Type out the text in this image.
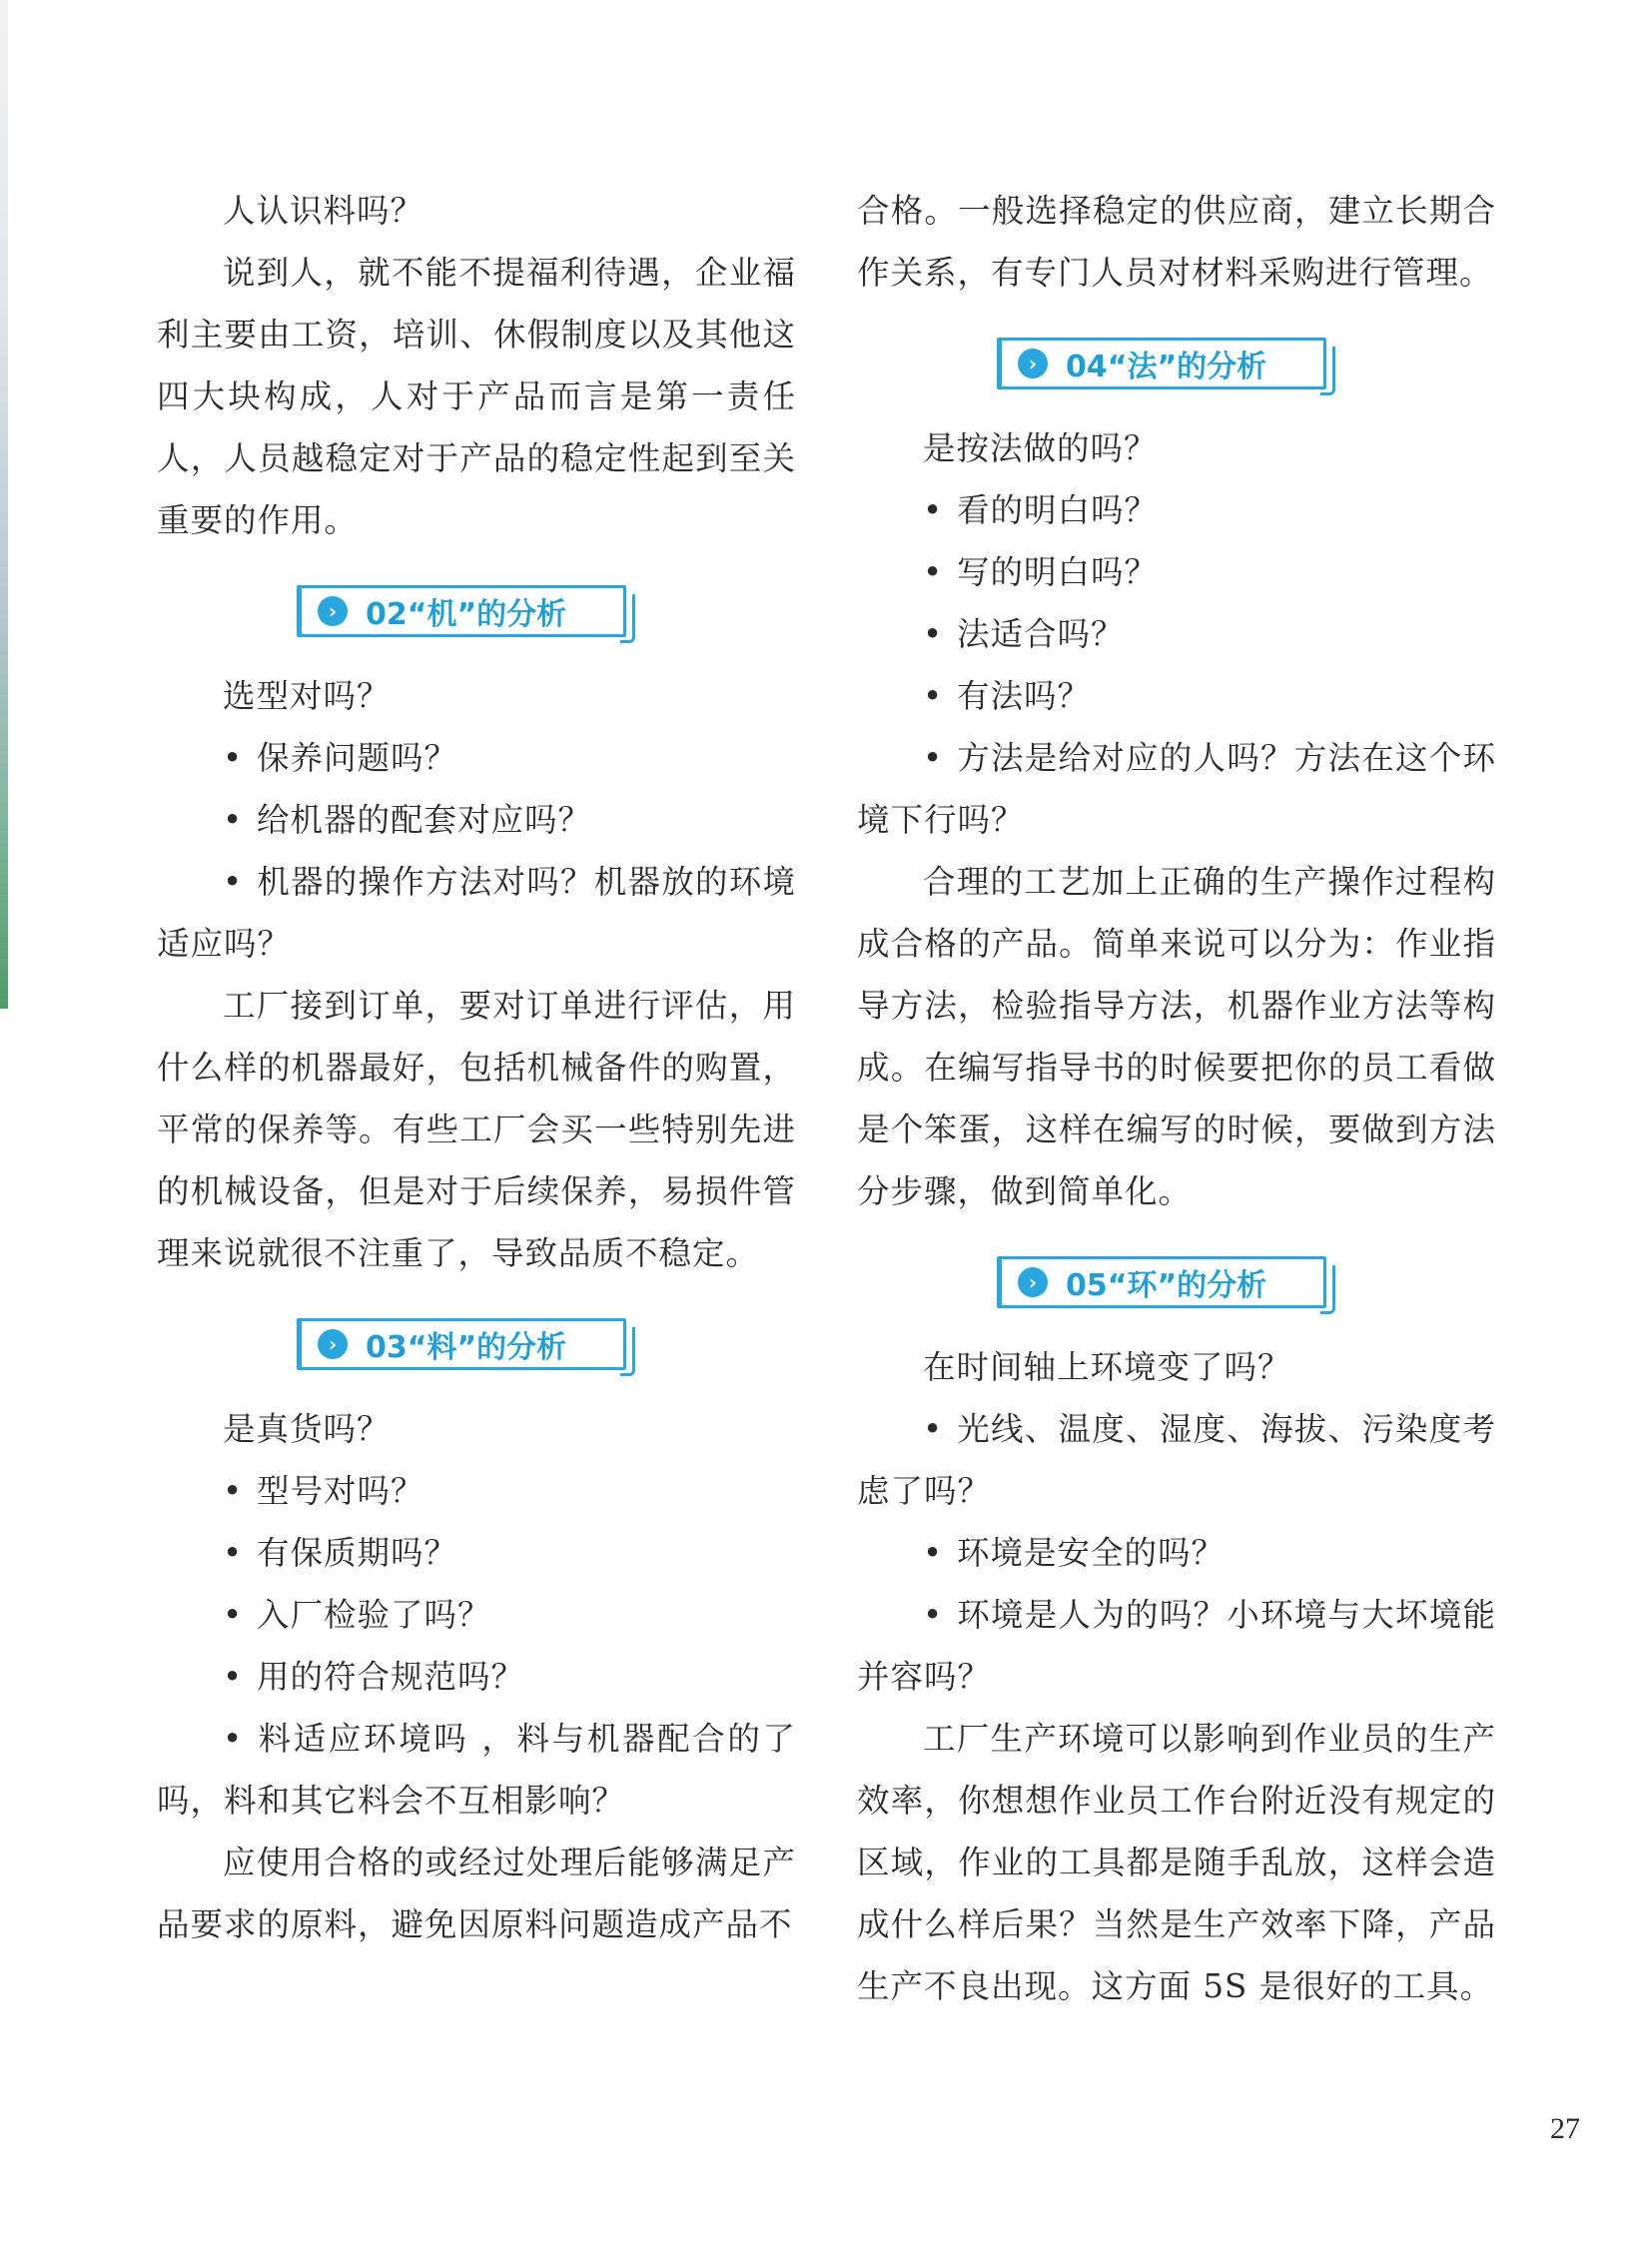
人认识料吗？

说到人，就不能不提福利待遇，企业福利主要由工资，培训、休假制度以及其他这四大块构成，人对于产品而言是第一责任人，人员越稳定对于产品的稳定性起到至关重要的作用。

› 02“机”的分析

选型对吗？

• 保养问题吗？

• 给机器的配套对应吗？

• 机器的操作方法对吗？机器放的环境适应吗？

工厂接到订单，要对订单进行评估，用什么样的机器最好，包括机械备件的购置，平常的保养等。有些工厂会买一些特别先进的机械设备，但是对于后续保养，易损件管理来说就很不注重了，导致品质不稳定。

› 03“料”的分析

是真货吗？

• 型号对吗？

• 有保质期吗？

• 入厂检验了吗？

• 用的符合规范吗？

• 料适应环境吗 ，料与机器配合的了吗，料和其它料会不互相影响？

应使用合格的或经过处理后能够满足产品要求的原料，避免因原料问题造成产品不

合格。一般选择稳定的供应商，建立长期合作关系，有专门人员对材料采购进行管理。

› 04“法”的分析

是按法做的吗？

• 看的明白吗？

• 写的明白吗？

• 法适合吗？

• 有法吗？

• 方法是给对应的人吗？方法在这个环境下行吗？

合理的工艺加上正确的生产操作过程构成合格的产品。简单来说可以分为：作业指导方法，检验指导方法，机器作业方法等构成。在编写指导书的时候要把你的员工看做是个笨蛋，这样在编写的时候，要做到方法分步骤，做到简单化。

› 05“环”的分析

在时间轴上环境变了吗？

• 光线、温度、湿度、海拔、污染度考虑了吗？

• 环境是安全的吗？

• 环境是人为的吗？小环境与大坏境能并容吗？

工厂生产环境可以影响到作业员的生产效率，你想想作业员工作台附近没有规定的区域，作业的工具都是随手乱放，这样会造成什么样后果？当然是生产效率下降，产品生产不良出现。这方面 5S 是很好的工具。

27
